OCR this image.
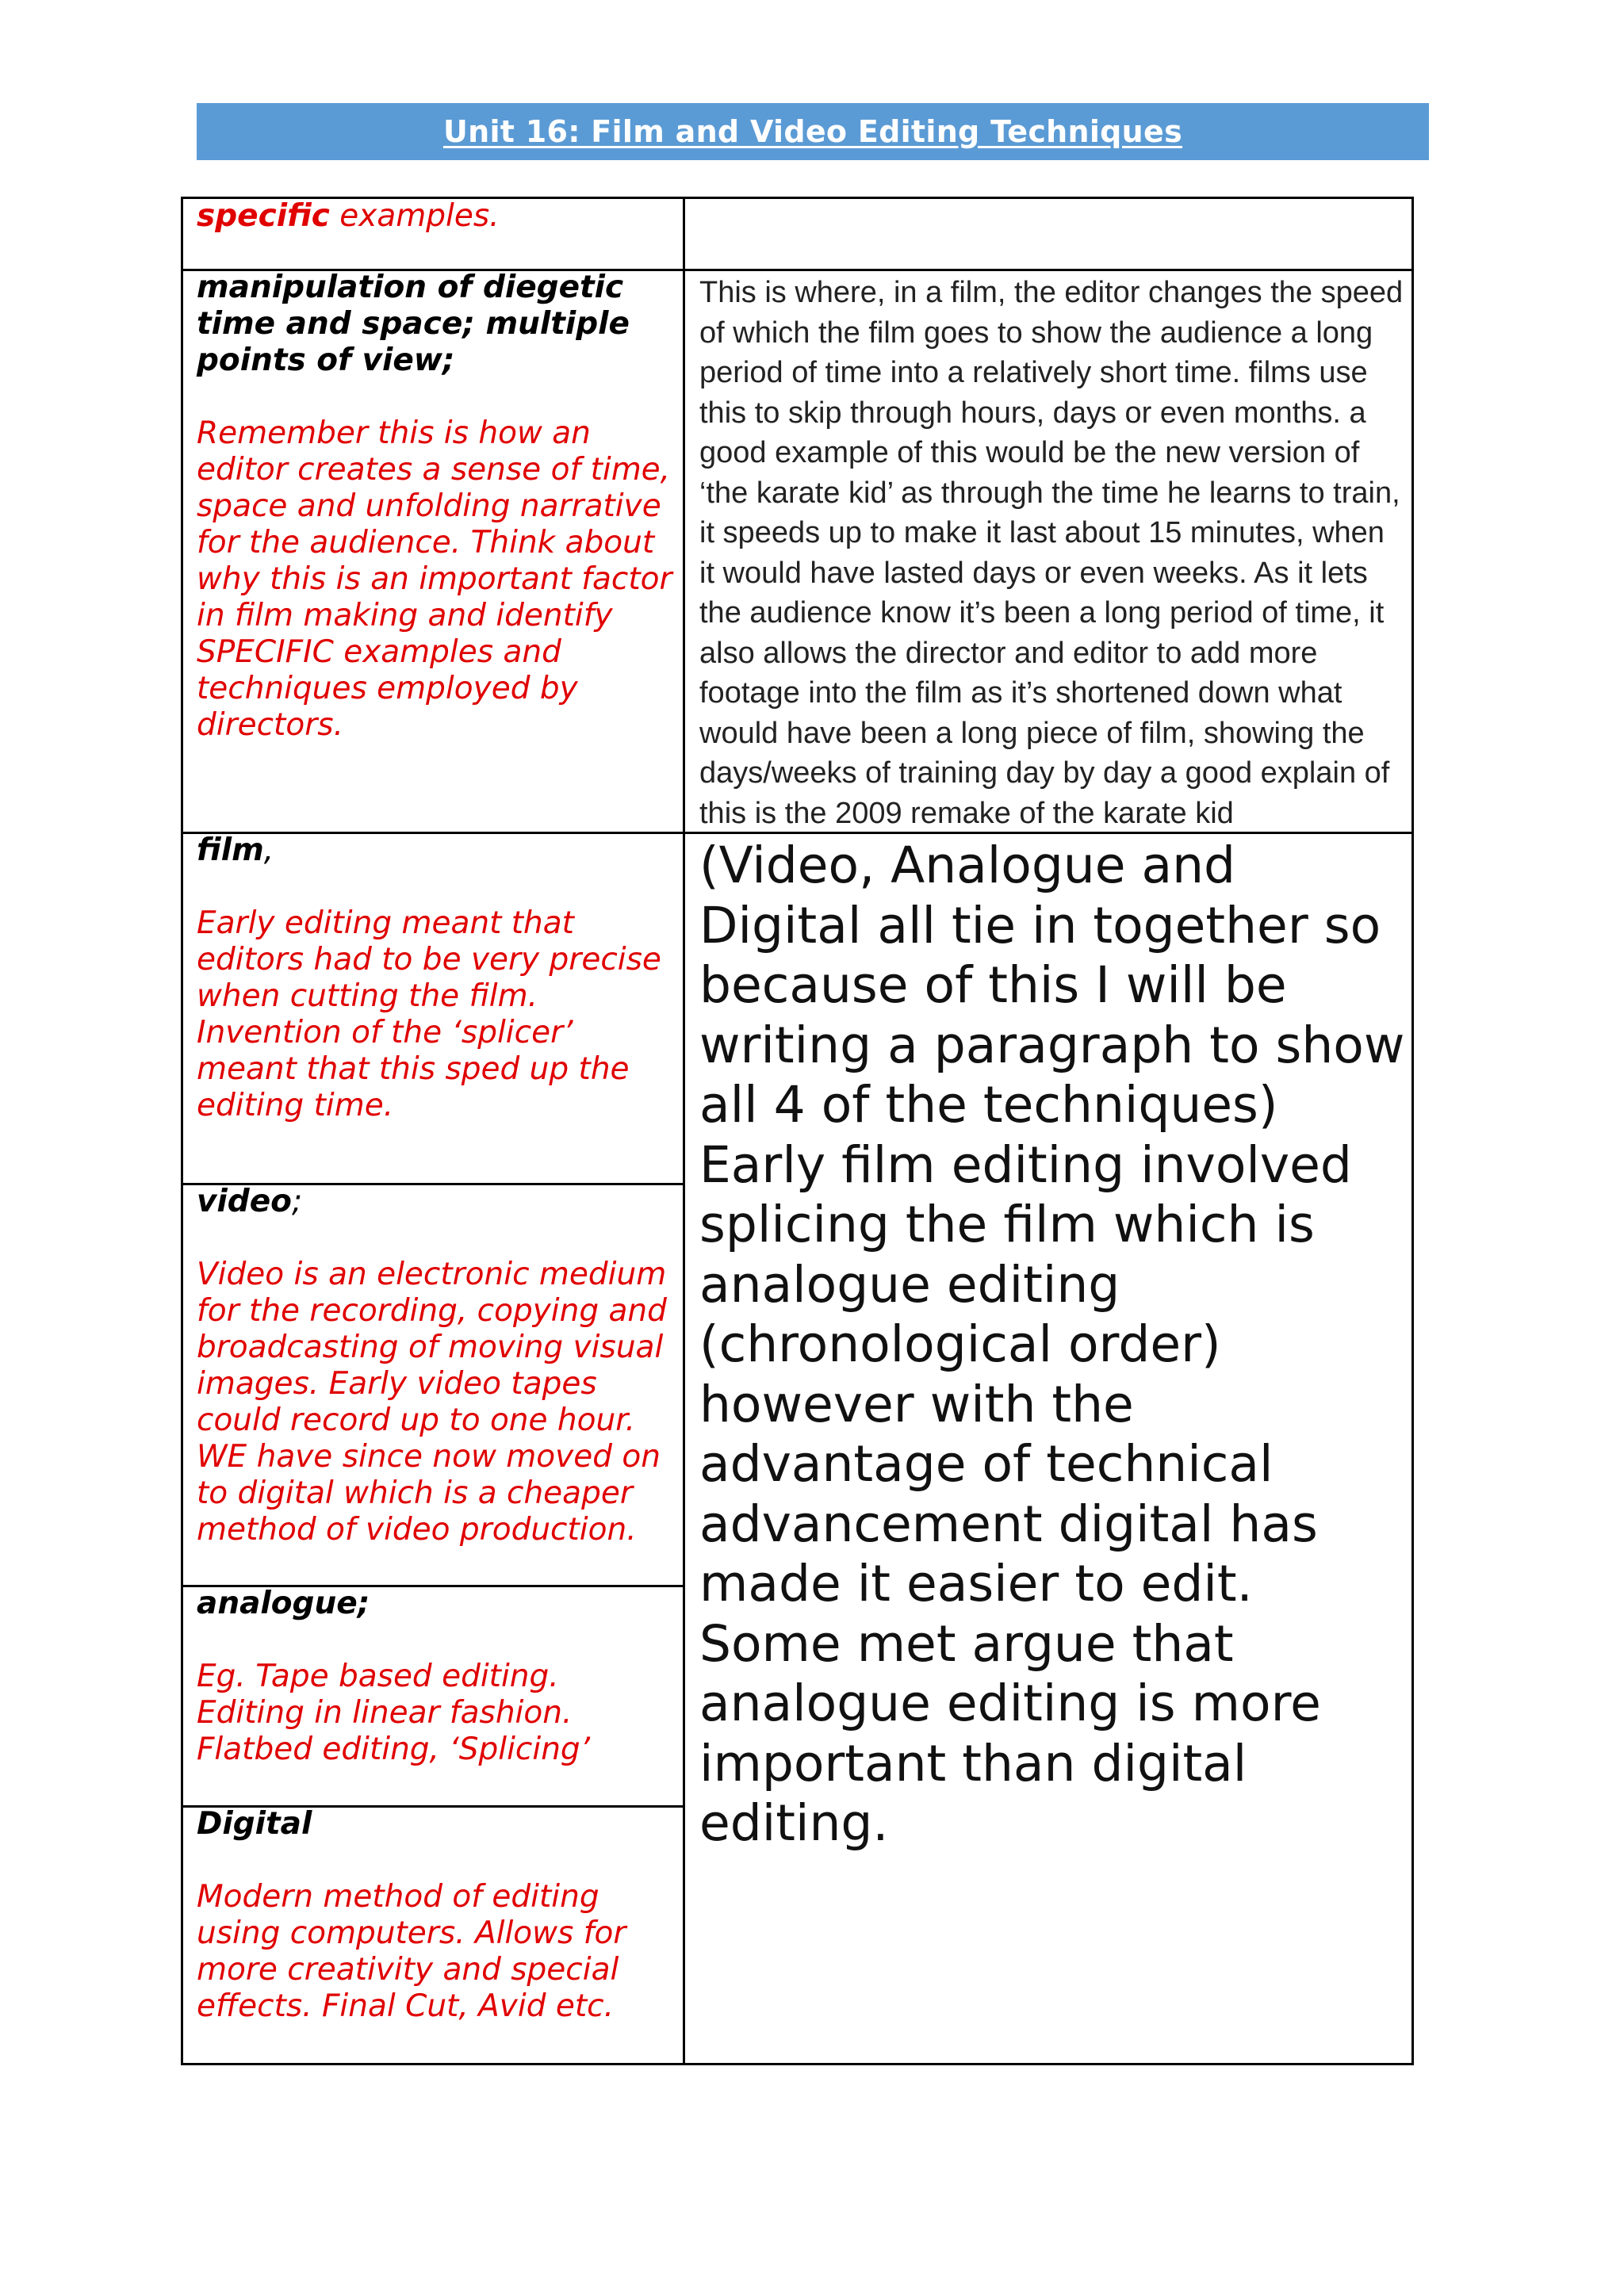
Unit 16: Film and Video Editing Techniques
specific examples.
manipulation of diegetic time and space; multiple points of view;
Remember this is how an editor creates a sense of time, space and unfolding narrative for the audience. Think about why this is an important factor in film making and identify SPECIFIC examples and techniques employed by directors.
This is where, in a film, the editor changes the speed of which the film goes to show the audience a long period of time into a relatively short time. films use this to skip through hours, days or even months. a good example of this would be the new version of ‘the karate kid’ as through the time he learns to train, it speeds up to make it last about 15 minutes, when it would have lasted days or even weeks. As it lets the audience know it’s been a long period of time, it also allows the director and editor to add more footage into the film as it’s shortened down what would have been a long piece of film, showing the days/weeks of training day by day a good explain of this is the 2009 remake of the karate kid
film,
Early editing meant that editors had to be very precise when cutting the film. Invention of the ‘splicer’ meant that this sped up the editing time.
video;
Video is an electronic medium for the recording, copying and broadcasting of moving visual images. Early video tapes could record up to one hour. WE have since now moved on to digital which is a cheaper method of video production.
analogue;
Eg. Tape based editing. Editing in linear fashion. Flatbed editing, ‘Splicing’
Digital
Modern method of editing using computers. Allows for more creativity and special effects. Final Cut, Avid etc.
(Video, Analogue and Digital all tie in together so because of this I will be writing a paragraph to show all 4 of the techniques) Early film editing involved splicing the film which is analogue editing (chronological order) however with the advantage of technical advancement digital has made it easier to edit. Some met argue that analogue editing is more important than digital editing.
